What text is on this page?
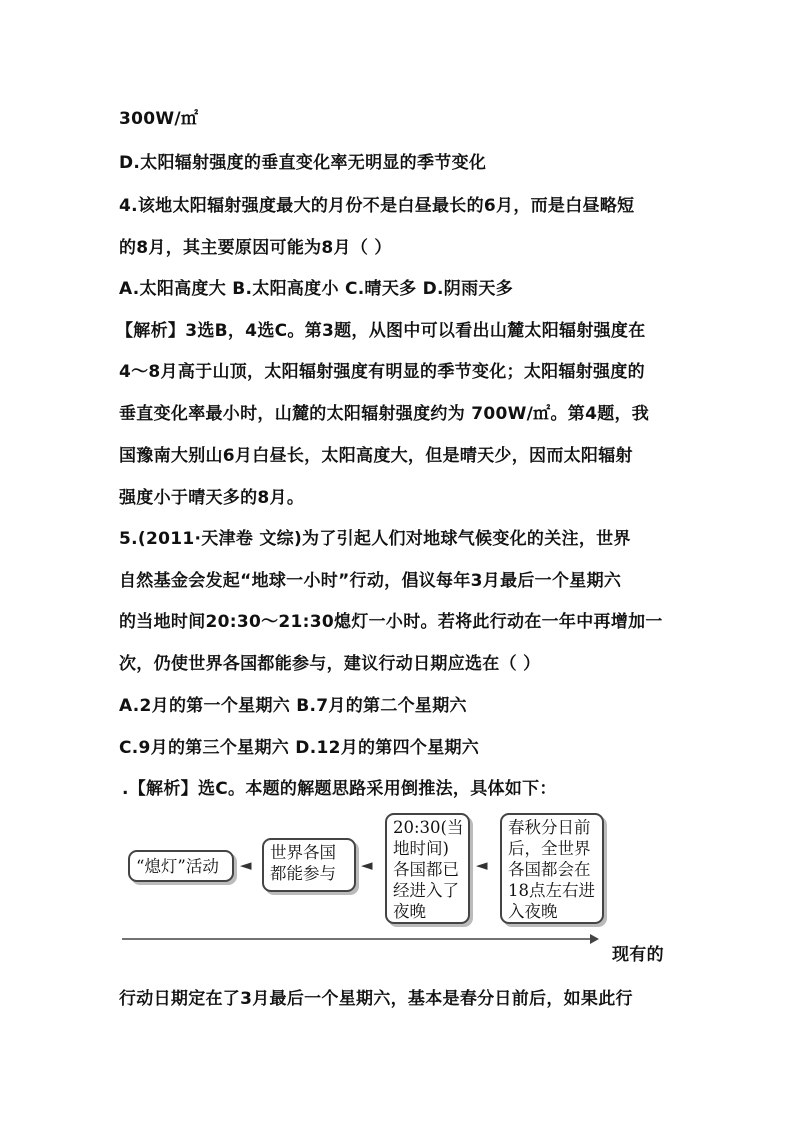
300W/㎡
D.太阳辐射强度的垂直变化率无明显的季节变化
4.该地太阳辐射强度最大的月份不是白昼最长的6月，而是白昼略短
的8月，其主要原因可能为8月（ ）
A.太阳高度大 B.太阳高度小 C.晴天多 D.阴雨天多
【解析】3选B，4选C。第3题，从图中可以看出山麓太阳辐射强度在
4～8月高于山顶，太阳辐射强度有明显的季节变化；太阳辐射强度的
垂直变化率最小时，山麓的太阳辐射强度约为 700W/㎡。第4题，我
国豫南大别山6月白昼长，太阳高度大，但是晴天少，因而太阳辐射
强度小于晴天多的8月。
5.(2011·天津卷 文综)为了引起人们对地球气候变化的关注，世界
自然基金会发起“地球一小时”行动，倡议每年3月最后一个星期六
的当地时间20:30～21:30熄灯一小时。若将此行动在一年中再增加一
次，仍使世界各国都能参与，建议行动日期应选在（ ）
A.2月的第一个星期六 B.7月的第二个星期六
C.9月的第三个星期六 D.12月的第四个星期六
.【解析】选C。本题的解题思路采用倒推法，具体如下：
“熄灯”活动	◄
世界各国
都能参与	◄
20:30(当
地时间)
各国都已
经进入了
夜晚
◄
春秋分日前
后，全世界
各国都会在
18点左右进
入夜晚
现有的
行动日期定在了3月最后一个星期六，基本是春分日前后，如果此行
